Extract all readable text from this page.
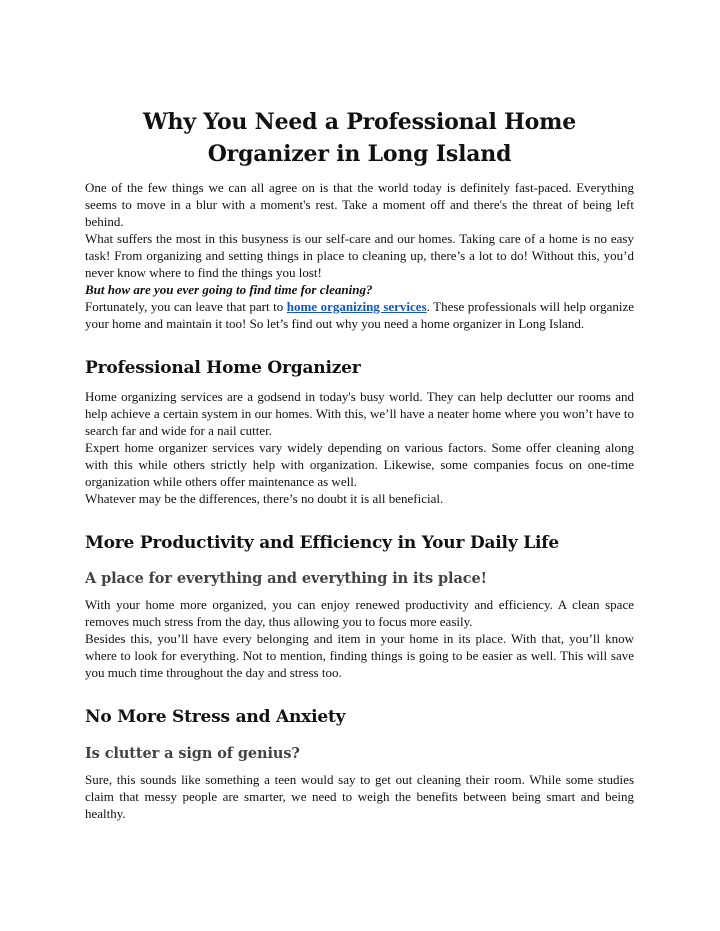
Why You Need a Professional Home Organizer in Long Island

One of the few things we can all agree on is that the world today is definitely fast-paced. Everything seems to move in a blur with a moment's rest. Take a moment off and there's the threat of being left behind.

What suffers the most in this busyness is our self-care and our homes. Taking care of a home is no easy task! From organizing and setting things in place to cleaning up, there’s a lot to do! Without this, you’d never know where to find the things you lost!

But how are you ever going to find time for cleaning?

Fortunately, you can leave that part to home organizing services. These professionals will help organize your home and maintain it too! So let’s find out why you need a home organizer in Long Island.

Professional Home Organizer

Home organizing services are a godsend in today's busy world. They can help declutter our rooms and help achieve a certain system in our homes. With this, we’ll have a neater home where you won’t have to search far and wide for a nail cutter.

Expert home organizer services vary widely depending on various factors. Some offer cleaning along with this while others strictly help with organization. Likewise, some companies focus on one-time organization while others offer maintenance as well.

Whatever may be the differences, there’s no doubt it is all beneficial.

More Productivity and Efficiency in Your Daily Life
A place for everything and everything in its place!

With your home more organized, you can enjoy renewed productivity and efficiency. A clean space removes much stress from the day, thus allowing you to focus more easily.

Besides this, you’ll have every belonging and item in your home in its place. With that, you’ll know where to look for everything. Not to mention, finding things is going to be easier as well. This will save you much time throughout the day and stress too.

No More Stress and Anxiety
Is clutter a sign of genius?

Sure, this sounds like something a teen would say to get out cleaning their room. While some studies claim that messy people are smarter, we need to weigh the benefits between being smart and being healthy.
